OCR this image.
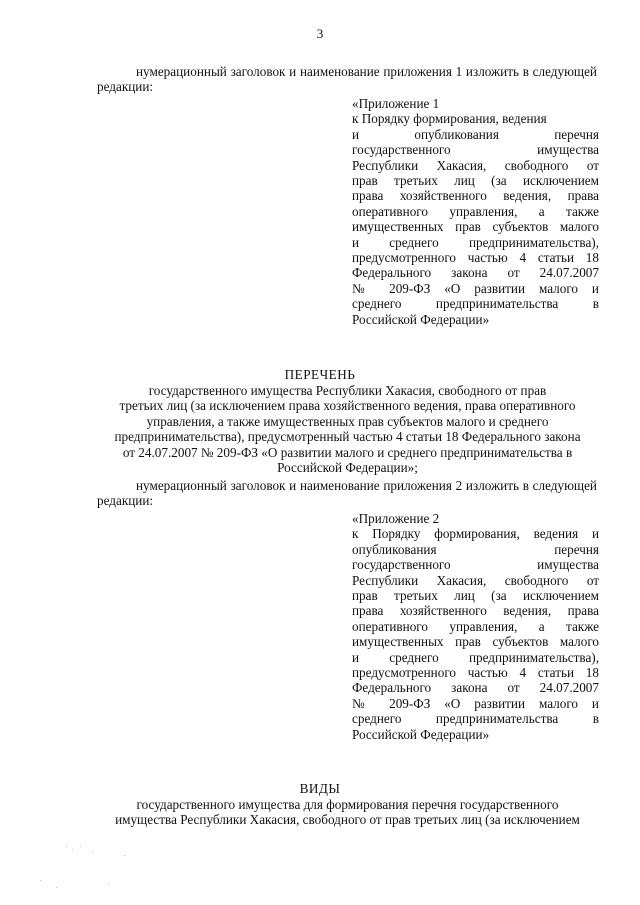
3
нумерационный заголовок и наименование приложения 1 изложить в следующей редакции:
«Приложение 1
к Порядку формирования, ведения
и опубликования перечня
государственного имущества
Республики Хакасия, свободного от
прав третьих лиц (за исключением
права хозяйственного ведения, права
оперативного управления, а также
имущественных прав субъектов малого
и среднего предпринимательства),
предусмотренного частью 4 статьи 18
Федерального закона от 24.07.2007
№ 209-ФЗ «О развитии малого и
среднего предпринимательства в
Российской Федерации»
ПЕРЕЧЕНЬ
государственного имущества Республики Хакасия, свободного от прав
третьих лиц (за исключением права хозяйственного ведения, права оперативного
управления, а также имущественных прав субъектов малого и среднего
предпринимательства), предусмотренный частью 4 статьи 18 Федерального закона
от 24.07.2007 № 209-ФЗ «О развитии малого и среднего предпринимательства в
Российской Федерации»;
нумерационный заголовок и наименование приложения 2 изложить в следующей редакции:
«Приложение 2
к Порядку формирования, ведения и
опубликования перечня
государственного имущества
Республики Хакасия, свободного от
прав третьих лиц (за исключением
права хозяйственного ведения, права
оперативного управления, а также
имущественных прав субъектов малого
и среднего предпринимательства),
предусмотренного частью 4 статьи 18
Федерального закона от 24.07.2007
№ 209-ФЗ «О развитии малого и
среднего предпринимательства в
Российской Федерации»
ВИДЫ
государственного имущества для формирования перечня государственного
имущества Республики Хакасия, свободного от прав третьих лиц (за исключением
